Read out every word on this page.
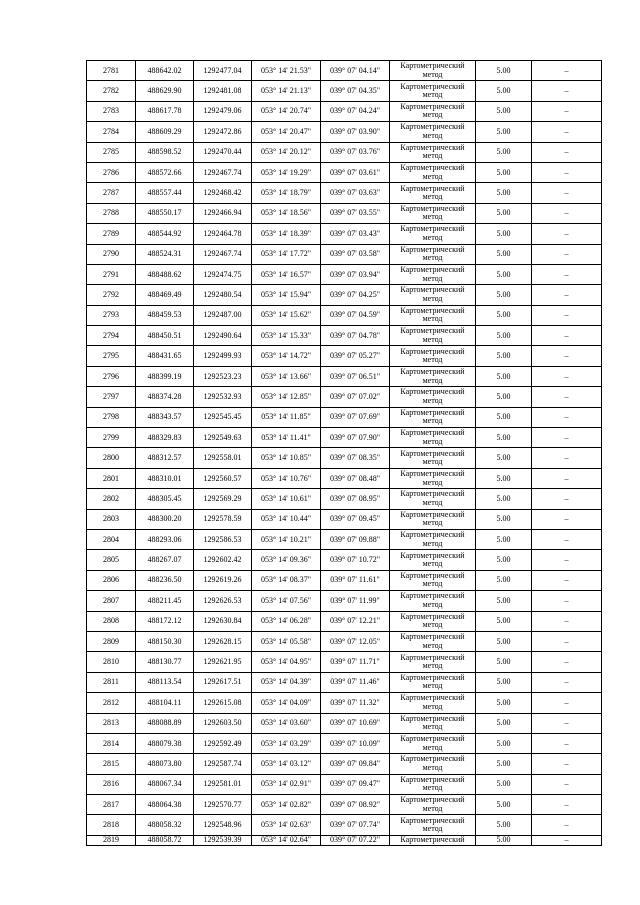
2781	488642.02	1292477.04	053° 14' 21.53"	039° 07' 04.14"	Картометрический метод	5.00	–
2782	488629.90	1292481.08	053° 14' 21.13"	039° 07' 04.35"	Картометрический метод	5.00	–
2783	488617.78	1292479.06	053° 14' 20.74"	039° 07' 04.24"	Картометрический метод	5.00	–
2784	488609.29	1292472.86	053° 14' 20.47"	039° 07' 03.90"	Картометрический метод	5.00	–
2785	488598.52	1292470.44	053° 14' 20.12"	039° 07' 03.76"	Картометрический метод	5.00	–
2786	488572.66	1292467.74	053° 14' 19.29"	039° 07' 03.61"	Картометрический метод	5.00	–
2787	488557.44	1292468.42	053° 14' 18.79"	039° 07' 03.63"	Картометрический метод	5.00	–
2788	488550.17	1292466.94	053° 14' 18.56"	039° 07' 03.55"	Картометрический метод	5.00	–
2789	488544.92	1292464.78	053° 14' 18.39"	039° 07' 03.43"	Картометрический метод	5.00	–
2790	488524.31	1292467.74	053° 14' 17.72"	039° 07' 03.58"	Картометрический метод	5.00	–
2791	488488.62	1292474.75	053° 14' 16.57"	039° 07' 03.94"	Картометрический метод	5.00	–
2792	488469.49	1292480.54	053° 14' 15.94"	039° 07' 04.25"	Картометрический метод	5.00	–
2793	488459.53	1292487.00	053° 14' 15.62"	039° 07' 04.59"	Картометрический метод	5.00	–
2794	488450.51	1292490.64	053° 14' 15.33"	039° 07' 04.78"	Картометрический метод	5.00	–
2795	488431.65	1292499.93	053° 14' 14.72"	039° 07' 05.27"	Картометрический метод	5.00	–
2796	488399.19	1292523.23	053° 14' 13.66"	039° 07' 06.51"	Картометрический метод	5.00	–
2797	488374.28	1292532.93	053° 14' 12.85"	039° 07' 07.02"	Картометрический метод	5.00	–
2798	488343.57	1292545.45	053° 14' 11.85"	039° 07' 07.69"	Картометрический метод	5.00	–
2799	488329.83	1292549.63	053° 14' 11.41"	039° 07' 07.90"	Картометрический метод	5.00	–
2800	488312.57	1292558.01	053° 14' 10.85"	039° 07' 08.35"	Картометрический метод	5.00	–
2801	488310.01	1292560.57	053° 14' 10.76"	039° 07' 08.48"	Картометрический метод	5.00	–
2802	488305.45	1292569.29	053° 14' 10.61"	039° 07' 08.95"	Картометрический метод	5.00	–
2803	488300.20	1292578.59	053° 14' 10.44"	039° 07' 09.45"	Картометрический метод	5.00	–
2804	488293.06	1292586.53	053° 14' 10.21"	039° 07' 09.88"	Картометрический метод	5.00	–
2805	488267.07	1292602.42	053° 14' 09.36"	039° 07' 10.72"	Картометрический метод	5.00	–
2806	488236.50	1292619.26	053° 14' 08.37"	039° 07' 11.61"	Картометрический метод	5.00	–
2807	488211.45	1292626.53	053° 14' 07.56"	039° 07' 11.99"	Картометрический метод	5.00	–
2808	488172.12	1292630.84	053° 14' 06.28"	039° 07' 12.21"	Картометрический метод	5.00	–
2809	488150.30	1292628.15	053° 14' 05.58"	039° 07' 12.05"	Картометрический метод	5.00	–
2810	488130.77	1292621.95	053° 14' 04.95"	039° 07' 11.71"	Картометрический метод	5.00	–
2811	488113.54	1292617.51	053° 14' 04.39"	039° 07' 11.46"	Картометрический метод	5.00	–
2812	488104.11	1292615.08	053° 14' 04.09"	039° 07' 11.32"	Картометрический метод	5.00	–
2813	488088.89	1292603.50	053° 14' 03.60"	039° 07' 10.69"	Картометрический метод	5.00	–
2814	488079.38	1292592.49	053° 14' 03.29"	039° 07' 10.09"	Картометрический метод	5.00	–
2815	488073.80	1292587.74	053° 14' 03.12"	039° 07' 09.84"	Картометрический метод	5.00	–
2816	488067.34	1292581.01	053° 14' 02.91"	039° 07' 09.47"	Картометрический метод	5.00	–
2817	488064.38	1292570.77	053° 14' 02.82"	039° 07' 08.92"	Картометрический метод	5.00	–
2818	488058.32	1292548.96	053° 14' 02.63"	039° 07' 07.74"	Картометрический метод	5.00	–
2819	488058.72	1292539.39	053° 14' 02.64"	039° 07' 07.22"	Картометрический	5.00	–
